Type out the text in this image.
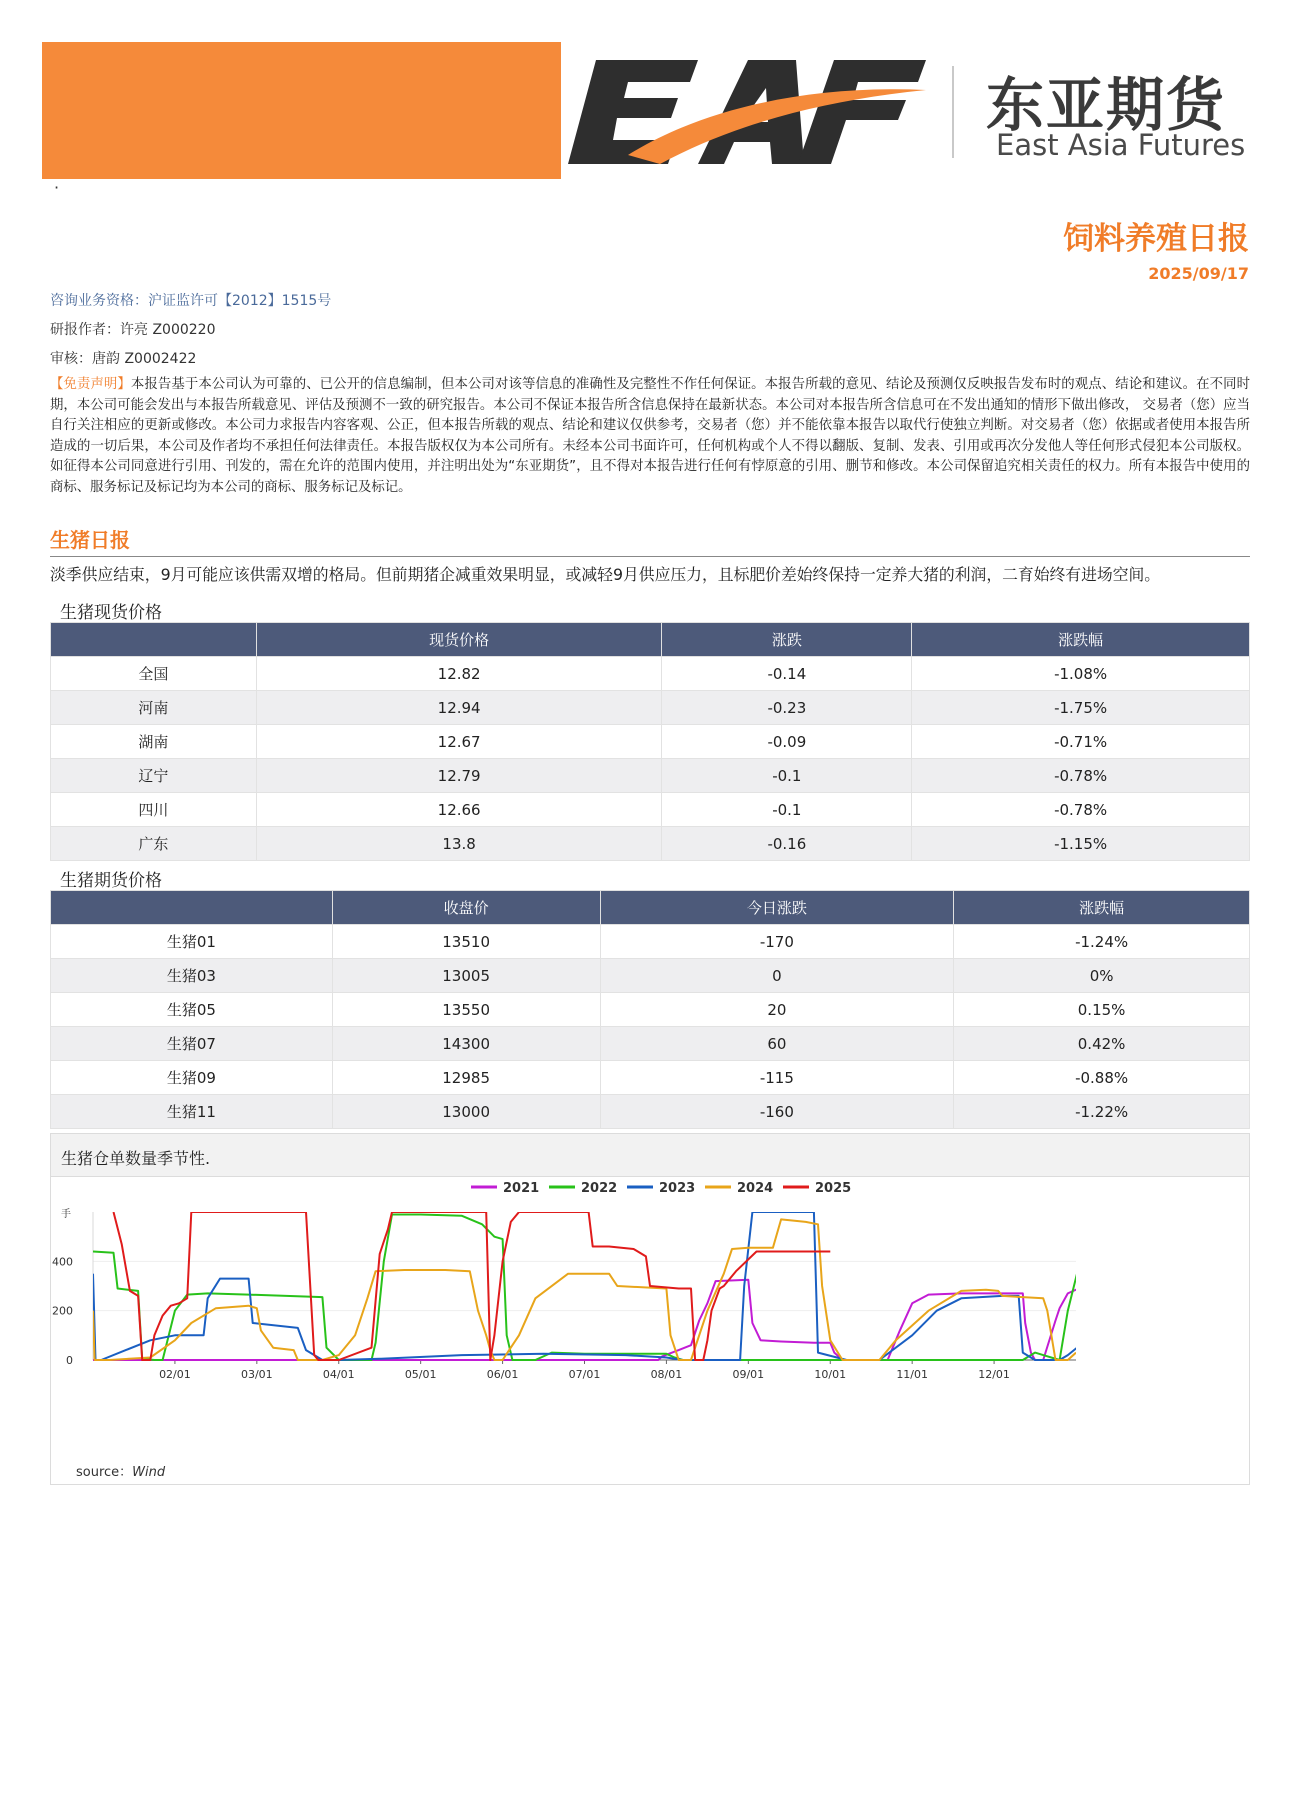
·
东亚期货
East Asia Futures
饲料养殖日报
2025/09/17
咨询业务资格：沪证监许可【2012】1515号
研报作者：许亮 Z000220
审核：唐韵 Z0002422
【免责声明】本报告基于本公司认为可靠的、已公开的信息编制，但本公司对该等信息的准确性及完整性不作任何保证。本报告所载的意见、结论及预测仅反映报告发布时的观点、结论和建议。在不同时期，本公司可能会发出与本报告所载意见、评估及预测不一致的研究报告。本公司不保证本报告所含信息保持在最新状态。本公司对本报告所含信息可在不发出通知的情形下做出修改， 交易者（您）应当自行关注相应的更新或修改。本公司力求报告内容客观、公正，但本报告所载的观点、结论和建议仅供参考，交易者（您）并不能依靠本报告以取代行使独立判断。对交易者（您）依据或者使用本报告所造成的一切后果，本公司及作者均不承担任何法律责任。本报告版权仅为本公司所有。未经本公司书面许可，任何机构或个人不得以翻版、复制、发表、引用或再次分发他人等任何形式侵犯本公司版权。如征得本公司同意进行引用、刊发的，需在允许的范围内使用，并注明出处为“东亚期货”，且不得对本报告进行任何有悖原意的引用、删节和修改。本公司保留追究相关责任的权力。所有本报告中使用的商标、服务标记及标记均为本公司的商标、服务标记及标记。
生猪日报
淡季供应结束，9月可能应该供需双增的格局。但前期猪企减重效果明显，或减轻9月供应压力，且标肥价差始终保持一定养大猪的利润，二育始终有进场空间。
生猪现货价格
	现货价格	涨跌	涨跌幅
全国	12.82	-0.14	-1.08%
河南	12.94	-0.23	-1.75%
湖南	12.67	-0.09	-0.71%
辽宁	12.79	-0.1	-0.78%
四川	12.66	-0.1	-0.78%
广东	13.8	-0.16	-1.15%
生猪期货价格
	收盘价	今日涨跌	涨跌幅
生猪01	13510	-170	-1.24%
生猪03	13005	0	0%
生猪05	13550	20	0.15%
生猪07	14300	60	0.42%
生猪09	12985	-115	-0.88%
生猪11	13000	-160	-1.22%
生猪仓单数量季节性.
手
0
200
400
02/01	03/01	04/01	05/01	06/01	07/01	08/01	09/01	10/01	11/01	12/01
2021	2022	2023	2024	2025
source：Wind
